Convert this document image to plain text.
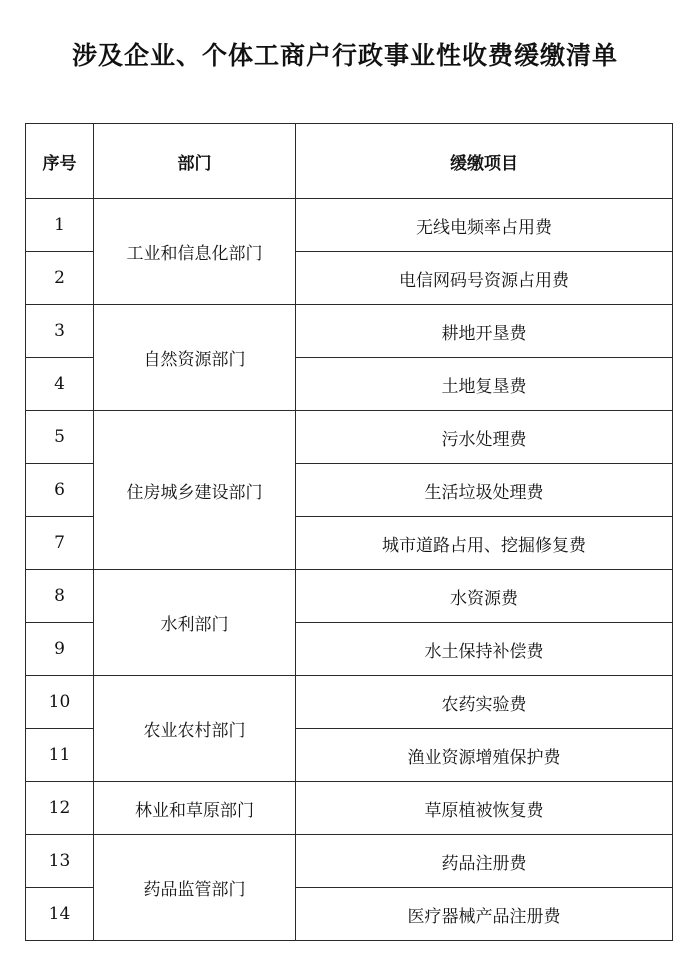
涉及企业、个体工商户行政事业性收费缓缴清单
序号	部门	缓缴项目
1	工业和信息化部门	无线电频率占用费
2		电信网码号资源占用费
3	自然资源部门	耕地开垦费
4		土地复垦费
5	住房城乡建设部门	污水处理费
6		生活垃圾处理费
7		城市道路占用、挖掘修复费
8	水利部门	水资源费
9		水土保持补偿费
10	农业农村部门	农药实验费
11		渔业资源增殖保护费
12	林业和草原部门	草原植被恢复费
13	药品监管部门	药品注册费
14		医疗器械产品注册费
